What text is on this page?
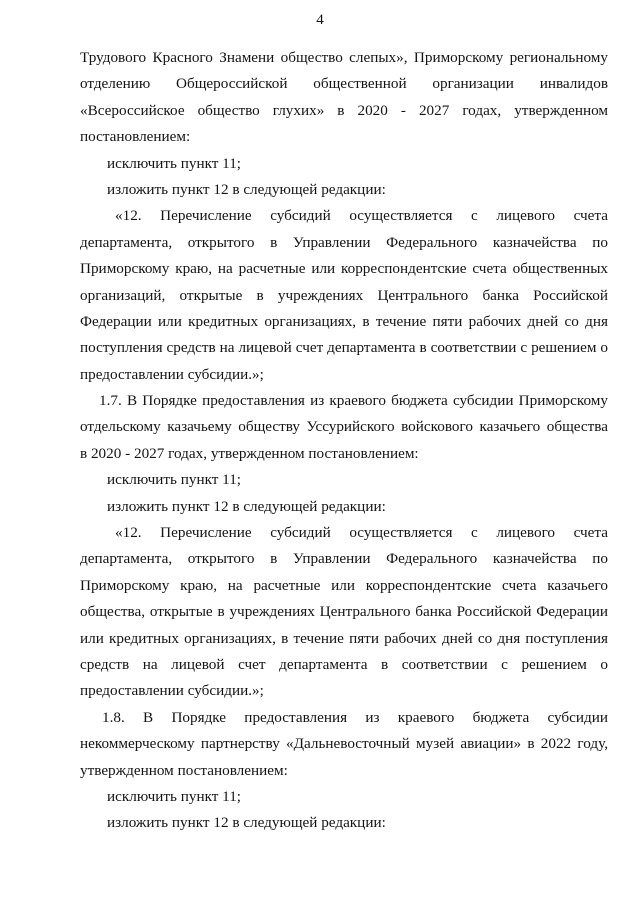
4
Трудового Красного Знамени общество слепых», Приморскому региональному
отделению Общероссийской общественной организации инвалидов
«Всероссийское общество глухих» в 2020 - 2027 годах, утвержденном
постановлением:
исключить пункт 11;
изложить пункт 12 в следующей редакции:
«12. Перечисление субсидий осуществляется с лицевого счета
департамента, открытого в Управлении Федерального казначейства по
Приморскому краю, на расчетные или корреспондентские счета общественных
организаций, открытые в учреждениях Центрального банка Российской
Федерации или кредитных организациях, в течение пяти рабочих дней со дня
поступления средств на лицевой счет департамента в соответствии с решением о
предоставлении субсидии.»;
1.7. В Порядке предоставления из краевого бюджета субсидии Приморскому
отдельскому казачьему обществу Уссурийского войскового казачьего общества
в 2020 - 2027 годах, утвержденном постановлением:
исключить пункт 11;
изложить пункт 12 в следующей редакции:
«12. Перечисление субсидий осуществляется с лицевого счета
департамента, открытого в Управлении Федерального казначейства по
Приморскому краю, на расчетные или корреспондентские счета казачьего
общества, открытые в учреждениях Центрального банка Российской Федерации
или кредитных организациях, в течение пяти рабочих дней со дня поступления
средств на лицевой счет департамента в соответствии с решением о
предоставлении субсидии.»;
1.8. В Порядке предоставления из краевого бюджета субсидии
некоммерческому партнерству «Дальневосточный музей авиации» в 2022 году,
утвержденном постановлением:
исключить пункт 11;
изложить пункт 12 в следующей редакции:
